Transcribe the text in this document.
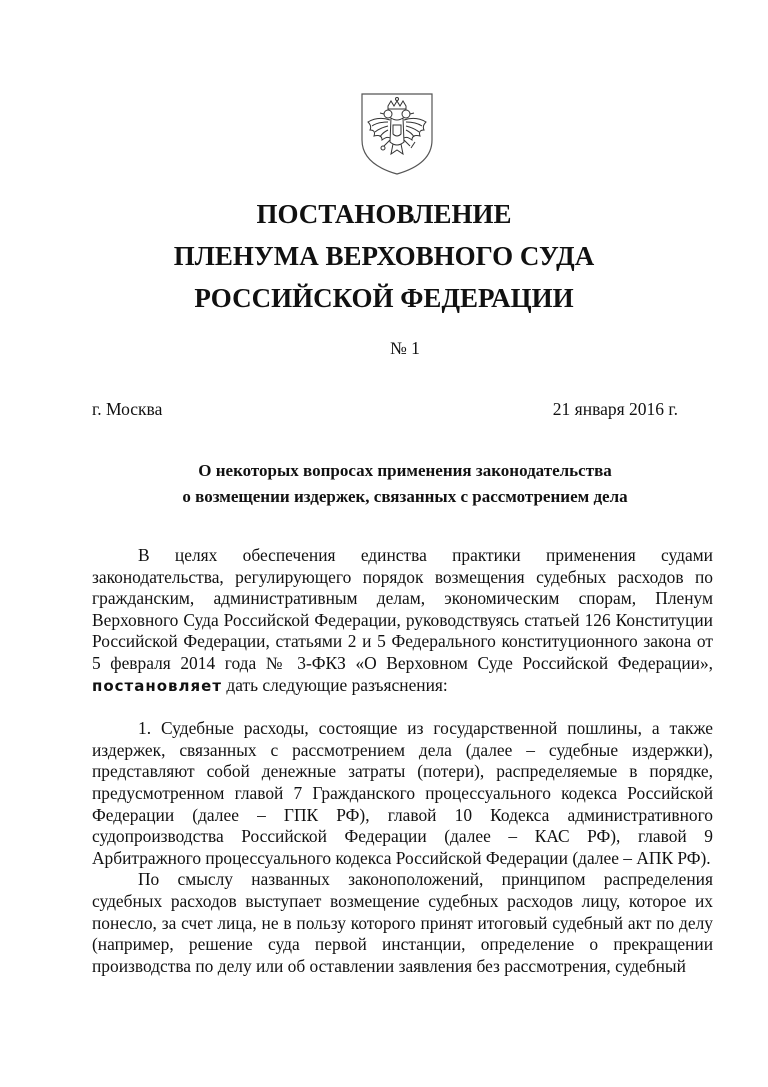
ПОСТАНОВЛЕНИЕ
ПЛЕНУМА ВЕРХОВНОГО СУДА
РОССИЙСКОЙ ФЕДЕРАЦИИ
№ 1
г. Москва	21 января 2016 г.
О некоторых вопросах применения законодательства
о возмещении издержек, связанных с рассмотрением дела

В целях обеспечения единства практики применения судами законодательства, регулирующего порядок возмещения судебных расходов по гражданским, административным делам, экономическим спорам, Пленум Верховного Суда Российской Федерации, руководствуясь статьей 126 Конституции Российской Федерации, статьями 2 и 5 Федерального конституционного закона от 5 февраля 2014 года № 3-ФКЗ «О Верховном Суде Российской Федерации», постановляет дать следующие разъяснения:

1. Судебные расходы, состоящие из государственной пошлины, а также издержек, связанных с рассмотрением дела (далее – судебные издержки), представляют собой денежные затраты (потери), распределяемые в порядке, предусмотренном главой 7 Гражданского процессуального кодекса Российской Федерации (далее – ГПК РФ), главой 10 Кодекса административного судопроизводства Российской Федерации (далее – КАС РФ), главой 9 Арбитражного процессуального кодекса Российской Федерации (далее – АПК РФ).

По смыслу названных законоположений, принципом распределения судебных расходов выступает возмещение судебных расходов лицу, которое их понесло, за счет лица, не в пользу которого принят итоговый судебный акт по делу (например, решение суда первой инстанции, определение о прекращении производства по делу или об оставлении заявления без рассмотрения, судебный
